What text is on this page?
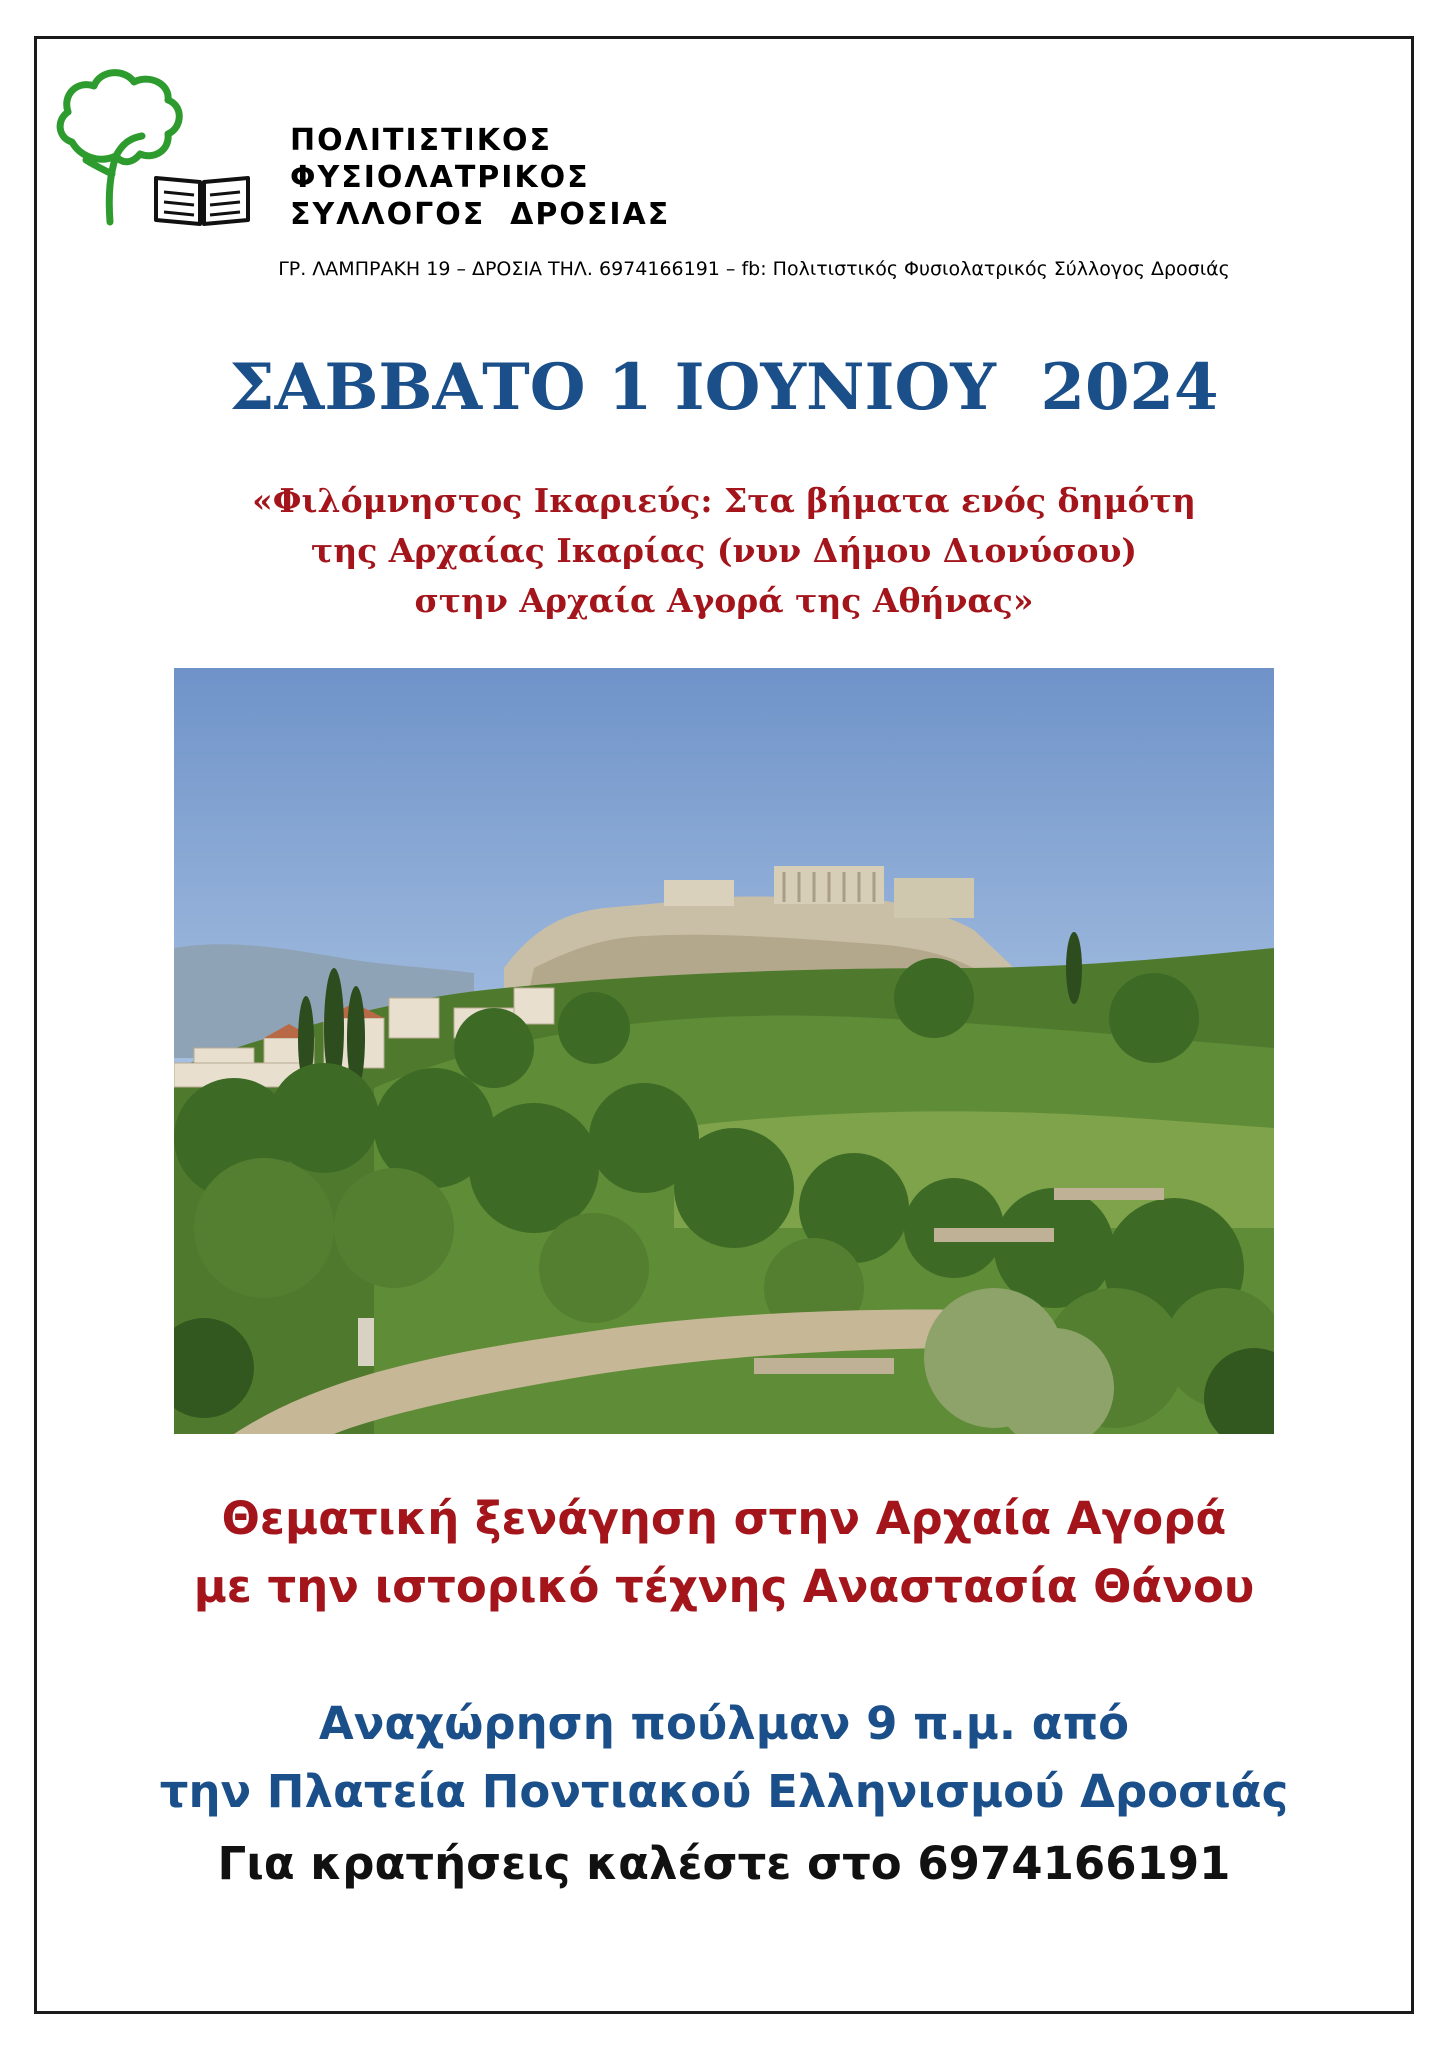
ΠΟΛΙΤΙΣΤΙΚΟΣ
ΦΥΣΙΟΛΑΤΡΙΚΟΣ
ΣΥΛΛΟΓΟΣ  ΔΡΟΣΙΑΣ
ΓΡ. ΛΑΜΠΡΑΚΗ 19 – ΔΡΟΣΙΑ ΤΗΛ. 6974166191 – fb: Πολιτιστικός Φυσιολατρικός Σύλλογος Δροσιάς
ΣΑΒΒΑΤΟ 1 ΙΟΥΝΙΟΥ  2024
«Φιλόμνηστος Ικαριεύς: Στα βήματα ενός δημότη
της Αρχαίας Ικαρίας (νυν Δήμου Διονύσου)
στην Αρχαία Αγορά της Αθήνας»
Θεματική ξενάγηση στην Αρχαία Αγορά
με την ιστορικό τέχνης Αναστασία Θάνου
Αναχώρηση πούλμαν 9 π.μ. από
την Πλατεία Ποντιακού Ελληνισμού Δροσιάς
Για κρατήσεις καλέστε στο 6974166191
